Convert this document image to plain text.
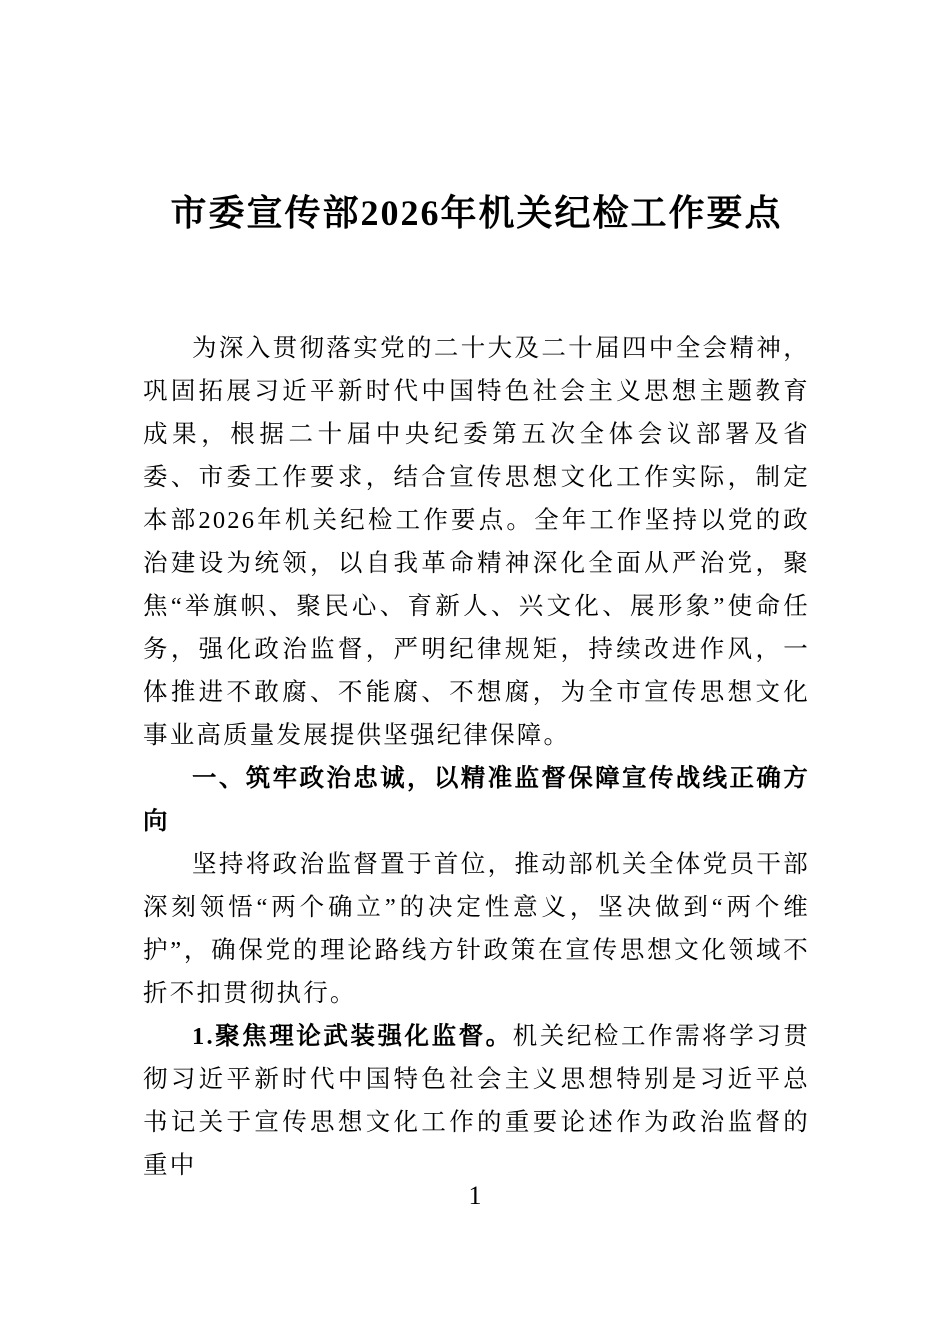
市委宣传部2026年机关纪检工作要点

为深入贯彻落实党的二十大及二十届四中全会精神，巩固拓展习近平新时代中国特色社会主义思想主题教育成果，根据二十届中央纪委第五次全体会议部署及省委、市委工作要求，结合宣传思想文化工作实际，制定本部2026年机关纪检工作要点。全年工作坚持以党的政治建设为统领，以自我革命精神深化全面从严治党，聚焦“举旗帜、聚民心、育新人、兴文化、展形象”使命任务，强化政治监督，严明纪律规矩，持续改进作风，一体推进不敢腐、不能腐、不想腐，为全市宣传思想文化事业高质量发展提供坚强纪律保障。

一、筑牢政治忠诚，以精准监督保障宣传战线正确方向

坚持将政治监督置于首位，推动部机关全体党员干部深刻领悟“两个确立”的决定性意义，坚决做到“两个维护”，确保党的理论路线方针政策在宣传思想文化领域不折不扣贯彻执行。

1.聚焦理论武装强化监督。机关纪检工作需将学习贯彻习近平新时代中国特色社会主义思想特别是习近平总书记关于宣传思想文化工作的重要论述作为政治监督的重中

1
